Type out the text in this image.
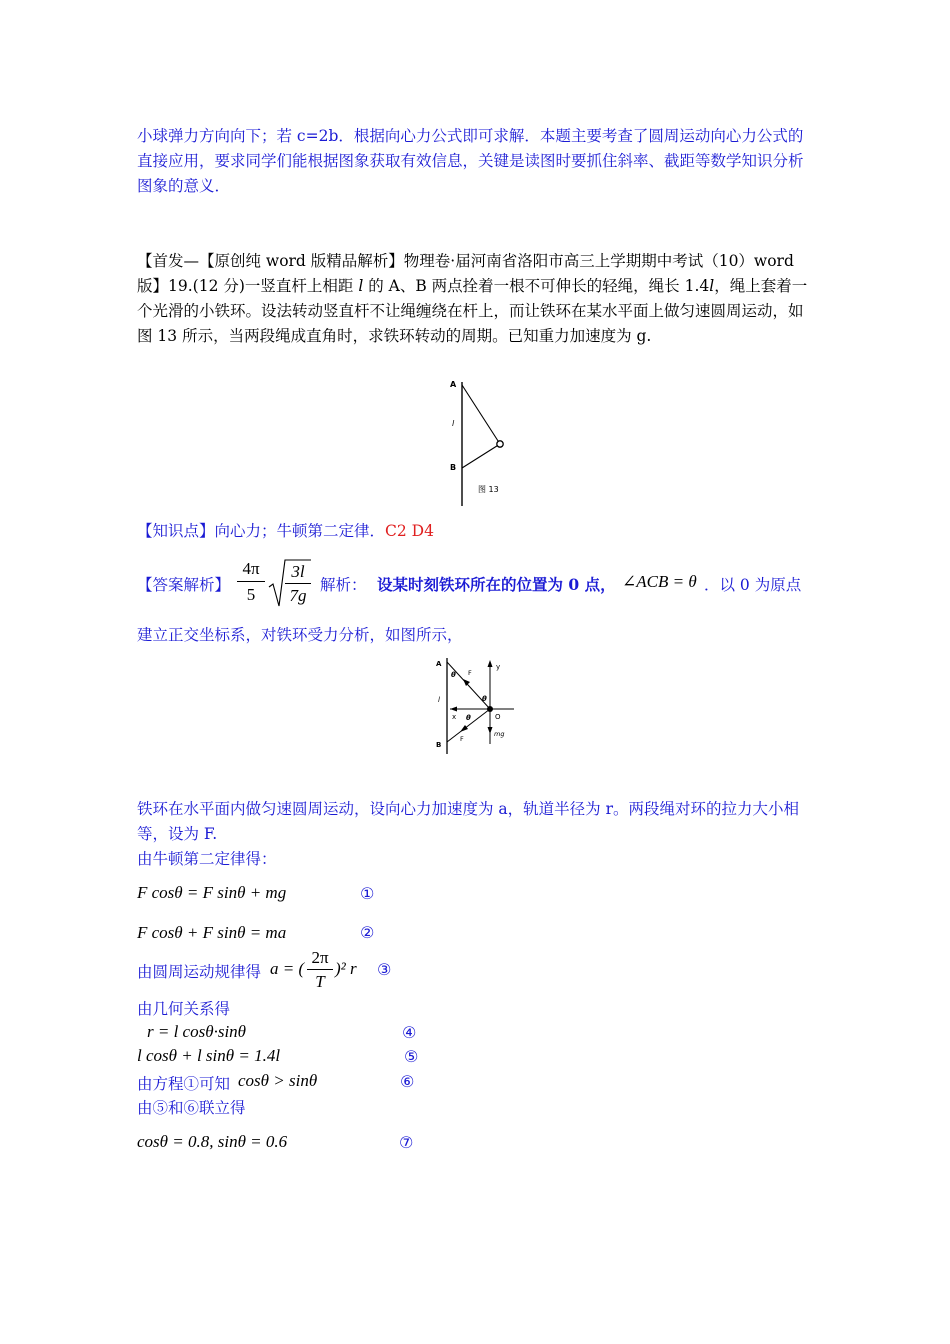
小球弹力方向向下；若 c=2b．根据向心力公式即可求解．本题主要考查了圆周运动向心力公式的直接应用，要求同学们能根据图象获取有效信息，关键是读图时要抓住斜率、截距等数学知识分析图象的意义．
【首发—【原创纯 word 版精品解析】物理卷·届河南省洛阳市高三上学期期中考试（10）word 版】19.(12 分)一竖直杆上相距 l 的 A、B 两点拴着一根不可伸长的轻绳，绳长 1.4l，绳上套着一个光滑的小铁环。设法转动竖直杆不让绳缠绕在杆上，而让铁环在某水平面上做匀速圆周运动，如图 13 所示，当两段绳成直角时，求铁环转动的周期。已知重力加速度为 g.
A
l
B
图 13
【知识点】向心力；牛顿第二定律．C2 D4
【答案解析】 $\frac{4\pi}{5} \frac{3l}{7g}$ 解析： 设某时刻铁环所在的位置为 0 点， ∠ACB = θ ．以 0 为原点
建立正交坐标系，对铁环受力分析，如图所示，
A
l
B
θ F
y
θ
x θ	O
mg
F
铁环在水平面内做匀速圆周运动，设向心力加速度为 a，轨道半径为 r。两段绳对环的拉力大小相等，设为 F.
由牛顿第二定律得：
F cosθ = F sinθ + mg	①
F cosθ + F sinθ = ma	②
由圆周运动规律得 a = ( $\frac{2\pi}{T} )^2$ r ③
由几何关系得
r = l cosθ·sinθ	④
l cosθ + l sinθ = 1.4l	⑤
由方程①可知 cosθ > sinθ	⑥
由⑤和⑥联立得
cosθ = 0.8, sinθ = 0.6	⑦
